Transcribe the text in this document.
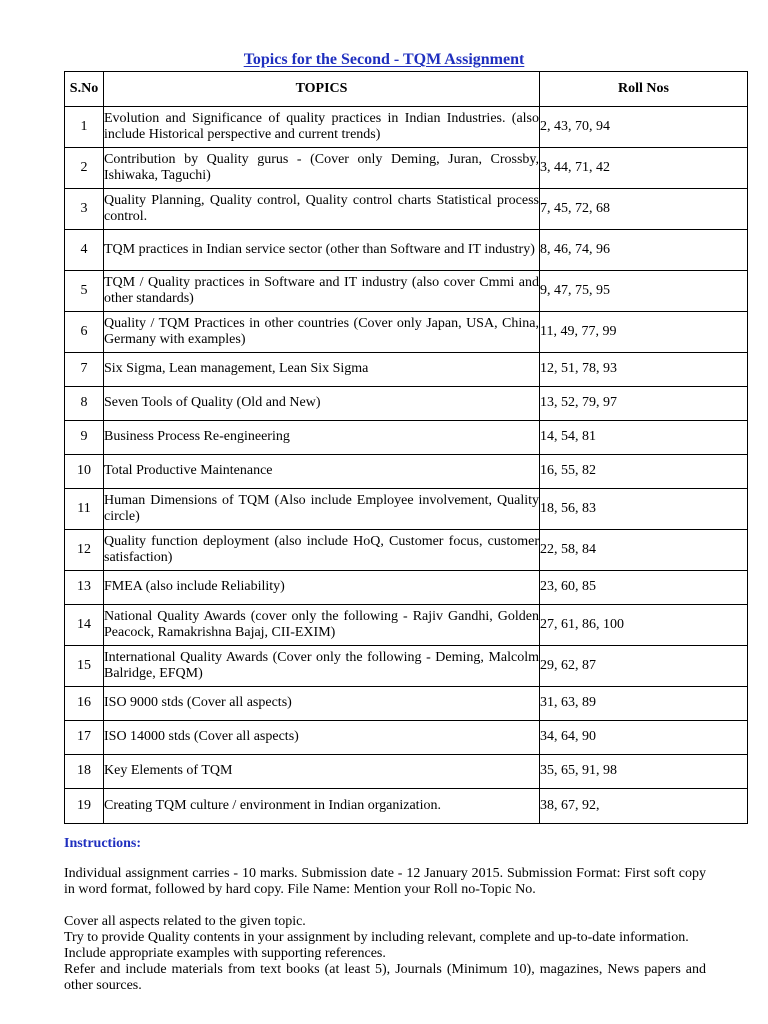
Topics for the Second - TQM Assignment
S.No	TOPICS	Roll Nos
1	Evolution and Significance of quality practices in Indian Industries. (also include Historical perspective and current trends)	2, 43, 70, 94
2	Contribution by Quality gurus - (Cover only Deming, Juran, Crossby, Ishiwaka, Taguchi)	3, 44, 71, 42
3	Quality Planning, Quality control, Quality control charts Statistical process control.	7, 45, 72, 68
4	TQM practices in Indian service sector (other than Software and IT industry)	8, 46, 74, 96
5	TQM / Quality practices in Software and IT industry (also cover Cmmi and other standards)	9, 47, 75, 95
6	Quality / TQM Practices in other countries (Cover only Japan, USA, China, Germany with examples)	11, 49, 77, 99
7	Six Sigma, Lean management, Lean Six Sigma	12, 51, 78, 93
8	Seven Tools of Quality (Old and New)	13, 52, 79, 97
9	Business Process Re-engineering	14, 54, 81
10	Total Productive Maintenance	16, 55, 82
11	Human Dimensions of TQM (Also include Employee involvement, Quality circle)	18, 56, 83
12	Quality function deployment (also include HoQ, Customer focus, customer satisfaction)	22, 58, 84
13	FMEA (also include Reliability)	23, 60, 85
14	National Quality Awards (cover only the following - Rajiv Gandhi, Golden Peacock, Ramakrishna Bajaj, CII-EXIM)	27, 61, 86, 100
15	International Quality Awards (Cover only the following - Deming, Malcolm Balridge, EFQM)	29, 62, 87
16	ISO 9000 stds (Cover all aspects)	31, 63, 89
17	ISO 14000 stds (Cover all aspects)	34, 64, 90
18	Key Elements of TQM	35, 65, 91, 98
19	Creating TQM culture / environment in Indian organization.	38, 67, 92,

Instructions:

Individual assignment carries - 10 marks. Submission date - 12 January 2015. Submission Format: First soft copy in word format, followed by hard copy. File Name: Mention your Roll no-Topic No.

Cover all aspects related to the given topic.

Try to provide Quality contents in your assignment by including relevant, complete and up-to-date information.

Include appropriate examples with supporting references.

Refer and include materials from text books (at least 5), Journals (Minimum 10), magazines, News papers and other sources.
